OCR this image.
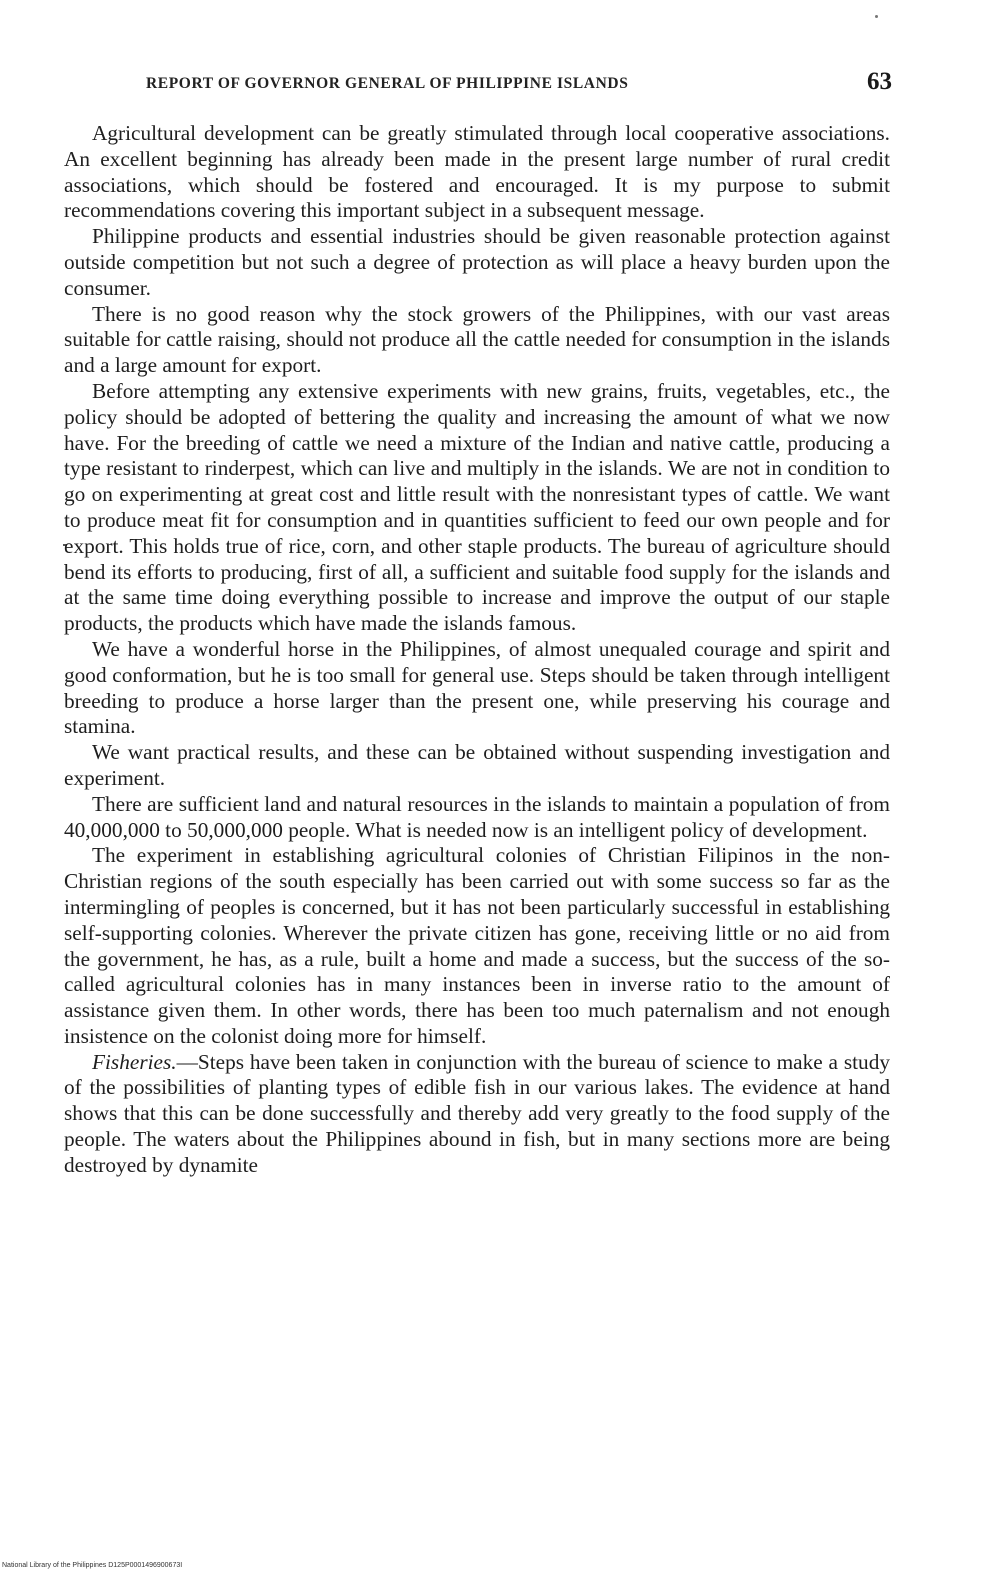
REPORT OF GOVERNOR GENERAL OF PHILIPPINE ISLANDS	63

Agricultural development can be greatly stimulated through local cooperative associations. An excellent beginning has already been made in the present large number of rural credit associations, which should be fostered and encouraged. It is my purpose to submit recommendations covering this important subject in a subsequent message.

Philippine products and essential industries should be given reasonable protection against outside competition but not such a degree of protection as will place a heavy burden upon the consumer.

There is no good reason why the stock growers of the Philippines, with our vast areas suitable for cattle raising, should not produce all the cattle needed for consumption in the islands and a large amount for export.

Before attempting any extensive experiments with new grains, fruits, vegetables, etc., the policy should be adopted of bettering the quality and increasing the amount of what we now have. For the breeding of cattle we need a mixture of the Indian and native cattle, producing a type resistant to rinderpest, which can live and multiply in the islands. We are not in condition to go on experimenting at great cost and little result with the nonresistant types of cattle. We want to produce meat fit for consumption and in quantities sufficient to feed our own people and for export. This holds true of rice, corn, and other staple products. The bureau of agriculture should bend its efforts to producing, first of all, a sufficient and suitable food supply for the islands and at the same time doing everything possible to increase and improve the output of our staple products, the products which have made the islands famous.

We have a wonderful horse in the Philippines, of almost unequaled courage and spirit and good conformation, but he is too small for general use. Steps should be taken through intelligent breeding to produce a horse larger than the present one, while preserving his courage and stamina.

We want practical results, and these can be obtained without suspending investigation and experiment.

There are sufficient land and natural resources in the islands to maintain a population of from 40,000,000 to 50,000,000 people. What is needed now is an intelligent policy of development.

The experiment in establishing agricultural colonies of Christian Filipinos in the non-Christian regions of the south especially has been carried out with some success so far as the intermingling of peoples is concerned, but it has not been particularly successful in establishing self-supporting colonies. Wherever the private citizen has gone, receiving little or no aid from the government, he has, as a rule, built a home and made a success, but the success of the so-called agricultural colonies has in many instances been in inverse ratio to the amount of assistance given them. In other words, there has been too much paternalism and not enough insistence on the colonist doing more for himself.

Fisheries.—Steps have been taken in conjunction with the bureau of science to make a study of the possibilities of planting types of edible fish in our various lakes. The evidence at hand shows that this can be done successfully and thereby add very greatly to the food supply of the people. The waters about the Philippines abound in fish, but in many sections more are being destroyed by dynamite

National Library of the Philippines D125P0001496900673I
